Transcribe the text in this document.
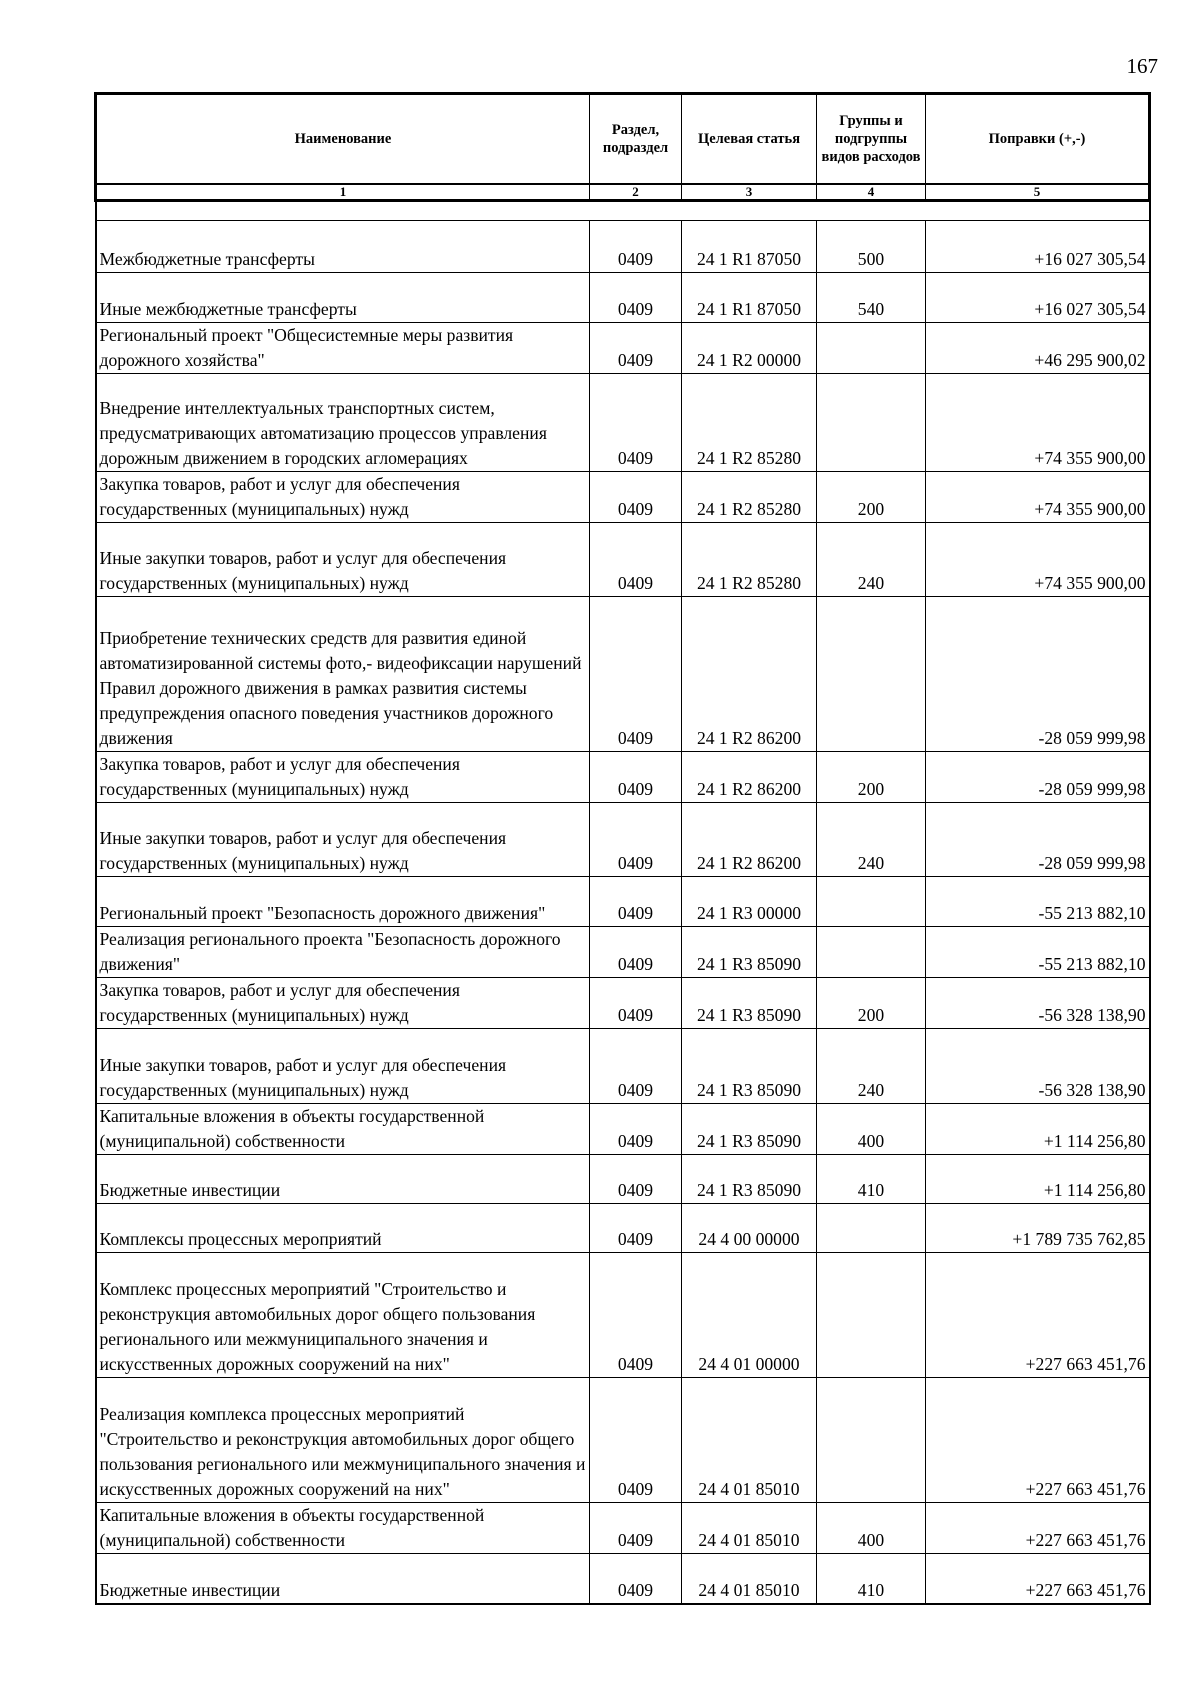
167
Наименование	Раздел, подраздел	Целевая статья	Группы и подгруппы видов расходов	Поправки (+,-)
1	2	3	4	5

Межбюджетные трансферты	0409	24 1 R1 87050	500	+16 027 305,54
Иные межбюджетные трансферты	0409	24 1 R1 87050	540	+16 027 305,54
Региональный проект "Общесистемные меры развития дорожного хозяйства"	0409	24 1 R2 00000		+46 295 900,02
Внедрение интеллектуальных транспортных систем, предусматривающих автоматизацию процессов управления дорожным движением в городских агломерациях	0409	24 1 R2 85280		+74 355 900,00
Закупка товаров, работ и услуг для обеспечения государственных (муниципальных) нужд	0409	24 1 R2 85280	200	+74 355 900,00
Иные закупки товаров, работ и услуг для обеспечения государственных (муниципальных) нужд	0409	24 1 R2 85280	240	+74 355 900,00
Приобретение технических средств для развития единой автоматизированной системы фото,- видеофиксации нарушений Правил дорожного движения в рамках развития системы предупреждения опасного поведения участников дорожного движения	0409	24 1 R2 86200		-28 059 999,98
Закупка товаров, работ и услуг для обеспечения государственных (муниципальных) нужд	0409	24 1 R2 86200	200	-28 059 999,98
Иные закупки товаров, работ и услуг для обеспечения государственных (муниципальных) нужд	0409	24 1 R2 86200	240	-28 059 999,98
Региональный проект "Безопасность дорожного движения"	0409	24 1 R3 00000		-55 213 882,10
Реализация регионального проекта "Безопасность дорожного движения"	0409	24 1 R3 85090		-55 213 882,10
Закупка товаров, работ и услуг для обеспечения государственных (муниципальных) нужд	0409	24 1 R3 85090	200	-56 328 138,90
Иные закупки товаров, работ и услуг для обеспечения государственных (муниципальных) нужд	0409	24 1 R3 85090	240	-56 328 138,90
Капитальные вложения в объекты государственной (муниципальной) собственности	0409	24 1 R3 85090	400	+1 114 256,80
Бюджетные инвестиции	0409	24 1 R3 85090	410	+1 114 256,80
Комплексы процессных мероприятий	0409	24 4 00 00000		+1 789 735 762,85
Комплекс процессных мероприятий "Строительство и реконструкция автомобильных дорог общего пользования регионального или межмуниципального значения и искусственных дорожных сооружений на них"	0409	24 4 01 00000		+227 663 451,76
Реализация комплекса процессных мероприятий "Строительство и реконструкция автомобильных дорог общего пользования регионального или межмуниципального значения и искусственных дорожных сооружений на них"	0409	24 4 01 85010		+227 663 451,76
Капитальные вложения в объекты государственной (муниципальной) собственности	0409	24 4 01 85010	400	+227 663 451,76
Бюджетные инвестиции	0409	24 4 01 85010	410	+227 663 451,76
